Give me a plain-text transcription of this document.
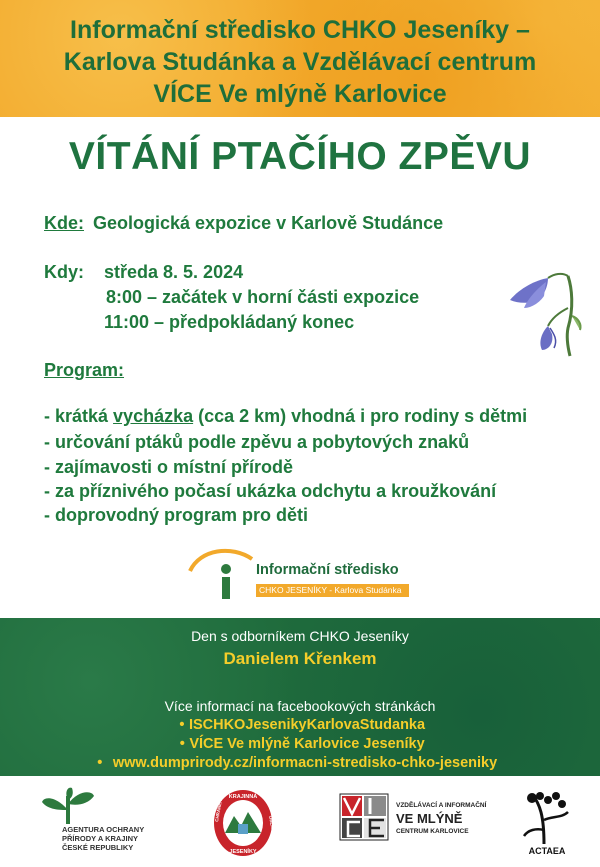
Informační středisko CHKO Jeseníky –
Karlova Studánka a Vzdělávací centrum
VÍCE Ve mlýně Karlovice
VÍTÁNÍ PTAČÍHO ZPĚVU
Kde: Geologická expozice v Karlově Studánce
Kdy: středa 8. 5. 2024
8:00 – začátek v horní části expozice
11:00 – předpokládaný konec
Program:
- krátká vycházka (cca 2 km) vhodná i pro rodiny s dětmi
- určování ptáků podle zpěvu a pobytových znaků
- zajímavosti o místní přírodě
- za příznivého počasí ukázka odchytu a kroužkování
- doprovodný program pro děti
Informační středisko
CHKO JESENÍKY - Karlova Studánka
Den s odborníkem CHKO Jeseníky
Danielem Křenkem
Více informací na facebookových stránkách
• ISCHKOJesenikyKarlovaStudanka
• VÍCE Ve mlýně Karlovice Jeseníky
• www.dumprirody.cz/informacni-stredisko-chko-jeseniky
AGENTURA OCHRANY
PŘÍRODY A KRAJINY
ČESKÉ REPUBLIKY
KRAJINNÁ
JESENÍKY
CHRÁNĚNÁ
OBLAST
VZDĚLÁVACÍ A INFORMAČNÍ
VE MLÝNĚ
CENTRUM KARLOVICE
ACTAEA
